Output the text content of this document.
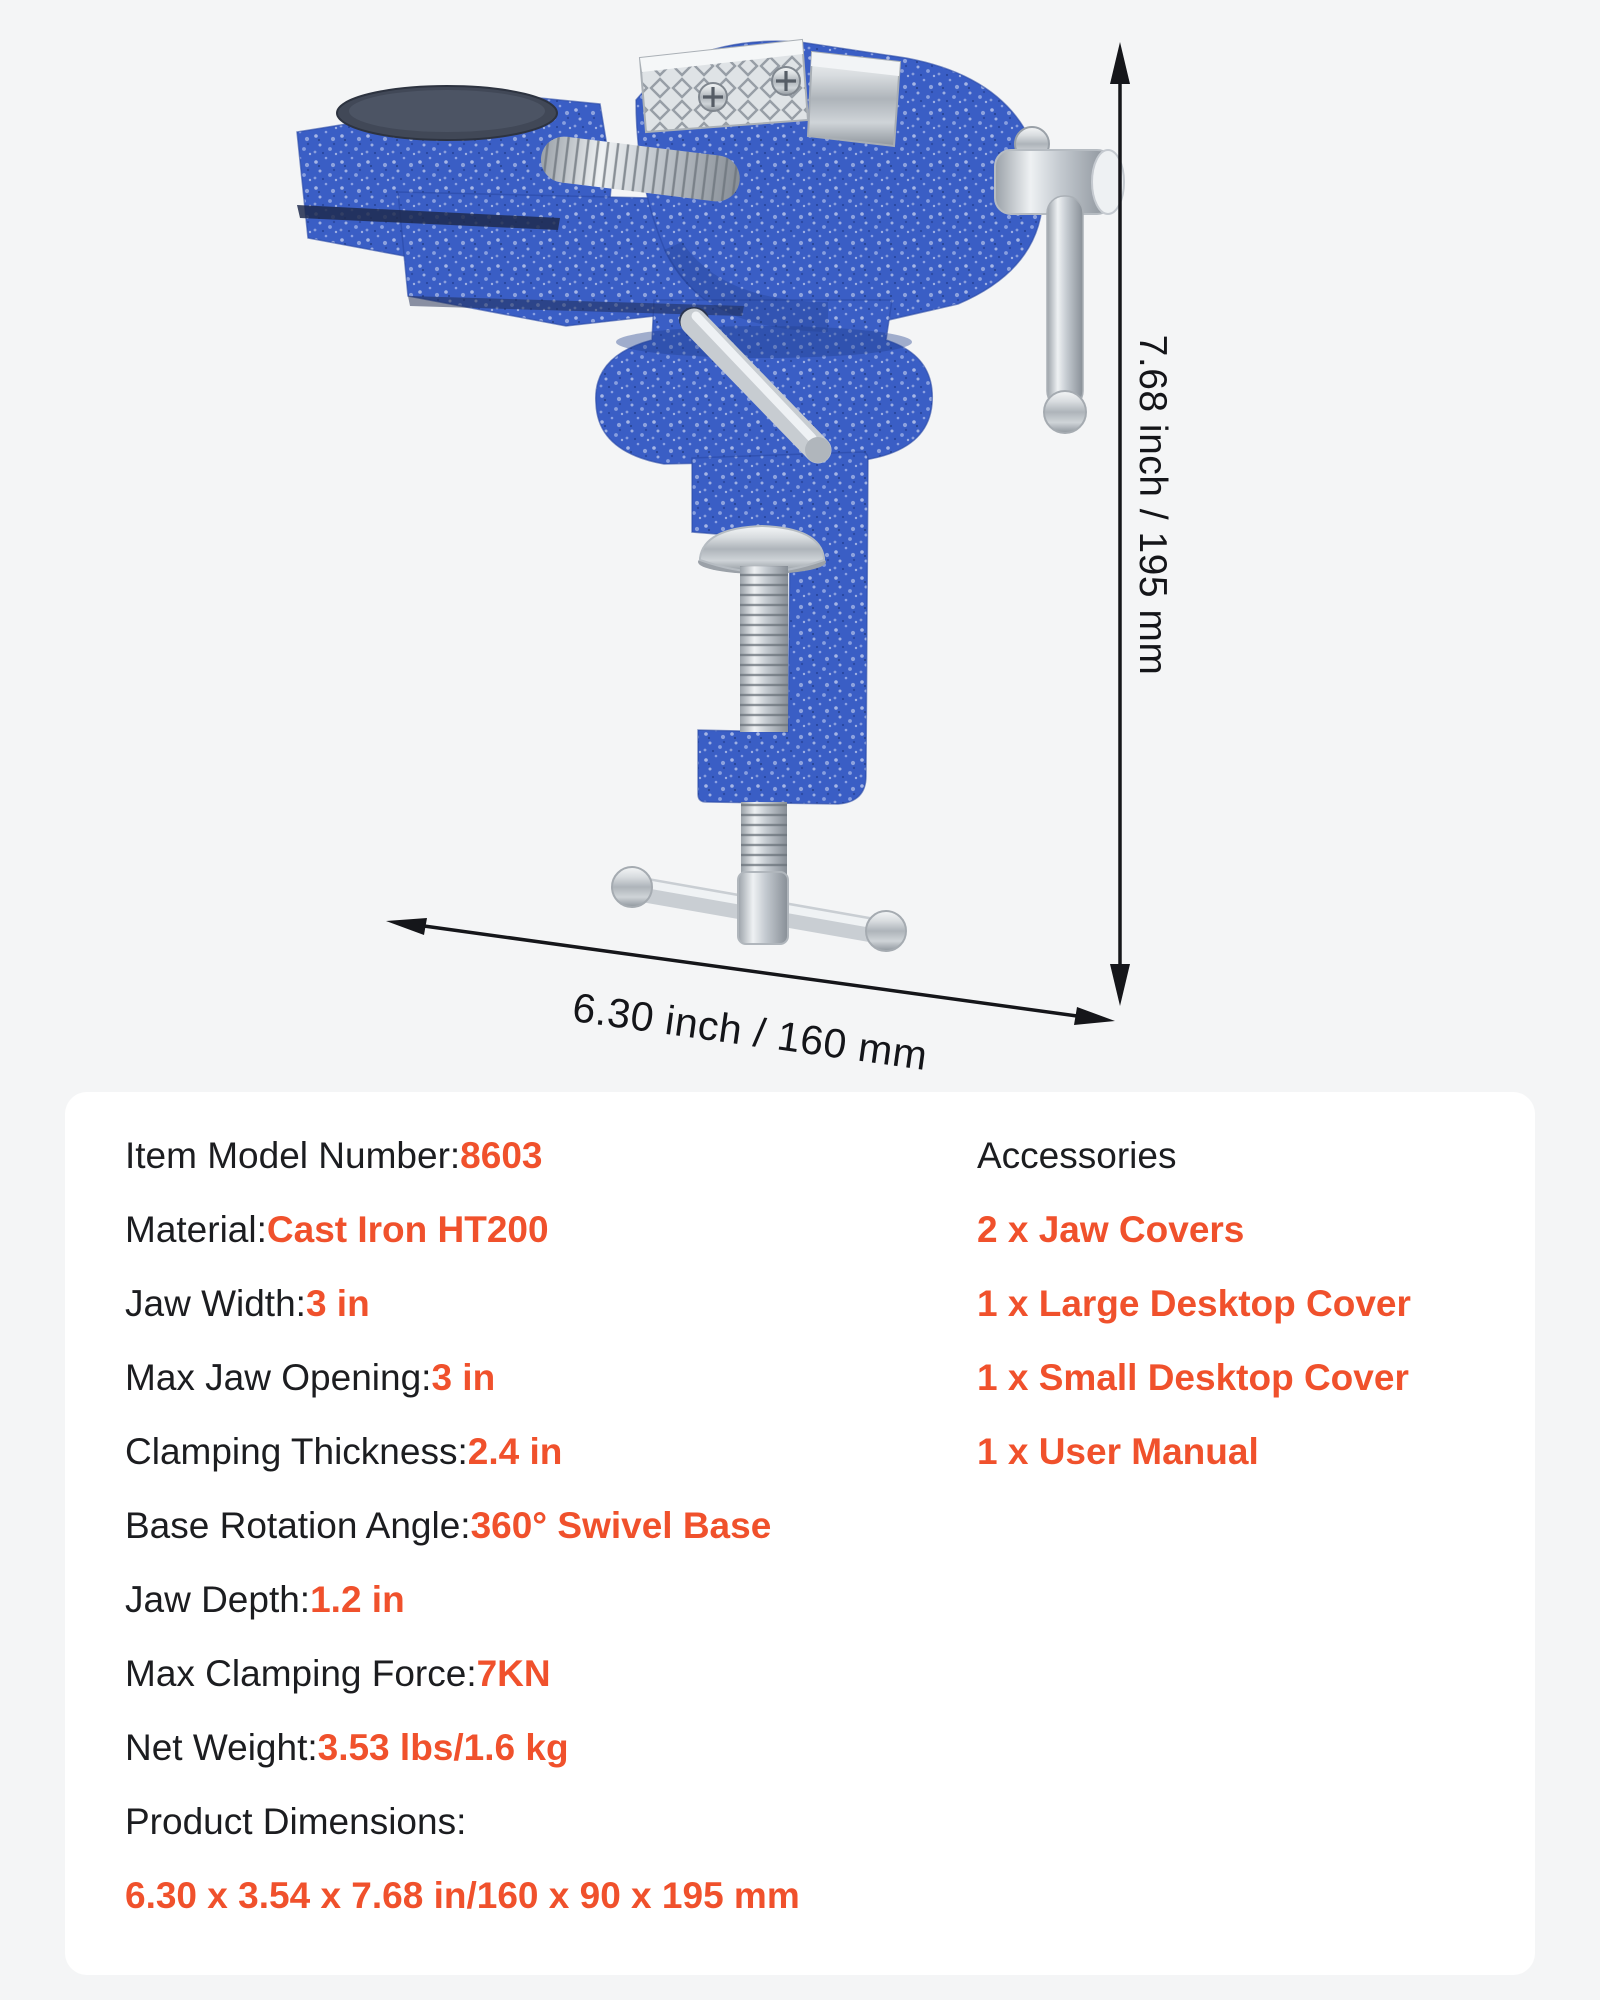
7.68 inch / 195 mm
6.30 inch / 160 mm
Item Model Number: 8603
Material: Cast Iron HT200
Jaw Width: 3 in
Max Jaw Opening: 3 in
Clamping Thickness: 2.4 in
Base Rotation Angle: 360° Swivel Base
Jaw Depth: 1.2 in
Max Clamping Force: 7KN
Net Weight: 3.53 lbs/1.6 kg
Product Dimensions:
6.30 x 3.54 x 7.68 in/160 x 90 x 195 mm
Accessories
2 x Jaw Covers
1 x Large Desktop Cover
1 x Small Desktop Cover
1 x User Manual
